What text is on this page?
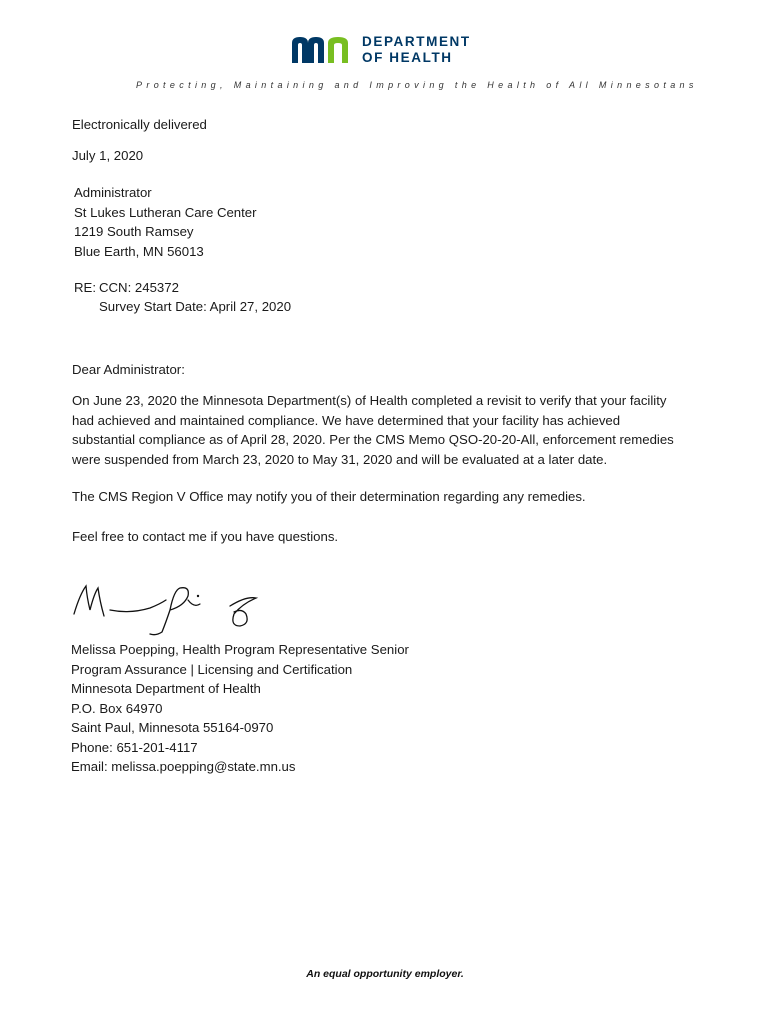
DEPARTMENT
OF HEALTH
Protecting, Maintaining and Improving the Health of All Minnesotans
Electronically delivered
July 1, 2020
Administrator
St Lukes Lutheran Care Center
1219 South Ramsey
Blue Earth, MN 56013
RE: CCN: 245372
Survey Start Date: April 27, 2020
Dear Administrator:
On June 23, 2020 the Minnesota Department(s) of Health completed a revisit to verify that your facility
had achieved and maintained compliance. We have determined that your facility has achieved
substantial compliance as of April 28, 2020. Per the CMS Memo QSO-20-20-All, enforcement remedies
were suspended from March 23, 2020 to May 31, 2020 and will be evaluated at a later date.
The CMS Region V Office may notify you of their determination regarding any remedies.
Feel free to contact me if you have questions.
Melissa Poepping, Health Program Representative Senior
Program Assurance | Licensing and Certification
Minnesota Department of Health
P.O. Box 64970
Saint Paul, Minnesota 55164-0970
Phone: 651-201-4117
Email: melissa.poepping@state.mn.us
An equal opportunity employer.
